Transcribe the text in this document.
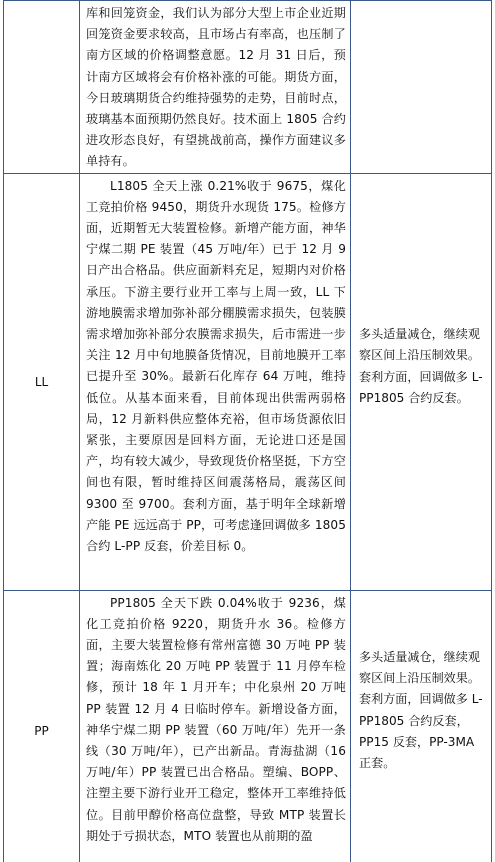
	库和回笼资金，我们认为部分大型上市企业近期回笼资金要求较高，且市场占有率高，也压制了南方区域的价格调整意愿。12 月 31 日后，预计南方区域将会有价格补涨的可能。期货方面，今日玻璃期货合约维持强势的走势，目前时点，玻璃基本面预期仍然良好。技术面上 1805 合约进攻形态良好，有望挑战前高，操作方面建议多单持有。	

LL	L1805 全天上涨 0.21%收于 9675，煤化工竞拍价格 9450，期货升水现货 175。检修方面，近期暂无大装置检修。新增产能方面，神华宁煤二期 PE 装置（45 万吨/年）已于 12 月 9 日产出合格品。供应面新料充足，短期内对价格承压。下游主要行业开工率与上周一致，LL 下游地膜需求增加弥补部分棚膜需求损失，包装膜需求增加弥补部分农膜需求损失，后市需进一步关注 12 月中旬地膜备货情况，目前地膜开工率已提升至 30%。最新石化库存 64 万吨，维持低位。从基本面来看，目前体现出供需两弱格局，12 月新料供应整体充裕，但市场货源依旧紧张，主要原因是回料方面，无论进口还是国产，均有较大减少，导致现货价格坚挺，下方空间也有限，暂时维持区间震荡格局，震荡区间 9300 至 9700。套利方面，基于明年全球新增产能 PE 远远高于 PP，可考虑逢回调做多 1805 合约 L-PP 反套，价差目标 0。	多头适量减仓，继续观察区间上沿压制效果。套利方面，回调做多 L-PP1805 合约反套。

PP	PP1805 全天下跌 0.04%收于 9236，煤化工竞拍价格 9220，期货升水 36。检修方面，主要大装置检修有常州富德 30 万吨 PP 装置；海南炼化 20 万吨 PP 装置于 11 月停车检修，预计 18 年 1 月开车；中化泉州 20 万吨 PP 装置 12 月 4 日临时停车。新增设备方面，神华宁煤二期 PP 装置（60 万吨/年）先开一条线（30 万吨/年），已产出新品。青海盐湖（16 万吨/年）PP 装置已出合格品。塑编、BOPP、注塑主要下游行业开工稳定，整体开工率维持低位。目前甲醇价格高位盘整，导致 MTP 装置长期处于亏损状态，MTO 装置也从前期的盈	多头适量减仓，继续观察区间上沿压制效果。套利方面，回调做多 L-PP1805 合约反套，PP15 反套，PP-3MA 正套。
